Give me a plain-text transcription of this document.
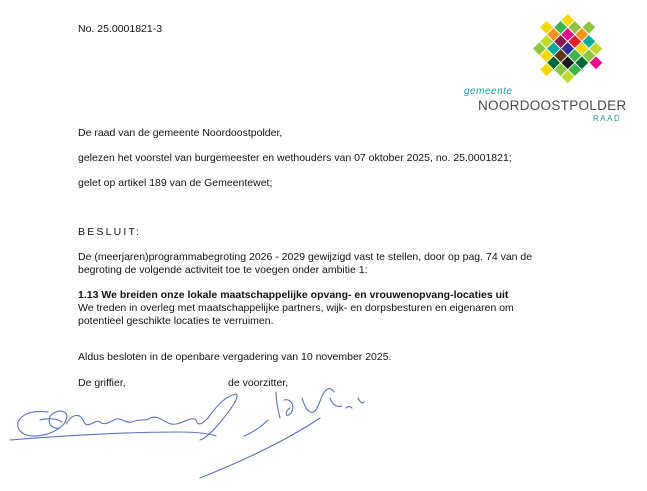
No. 25.0001821-3
gemeente
NOORDOOSTPOLDER
RAAD
De raad van de gemeente Noordoostpolder,
gelezen het voorstel van burgemeester en wethouders van 07 oktober 2025, no. 25.0001821;
gelet op artikel 189 van de Gemeentewet;
BESLUIT:
De (meerjaren)programmabegroting 2026 - 2029 gewijzigd vast te stellen, door op pag. 74 van de
begroting de volgende activiteit toe te voegen onder ambitie 1:
1.13 We breiden onze lokale maatschappelijke opvang- en vrouwenopvang-locaties uit
We treden in overleg met maatschappelijke partners, wijk- en dorpsbesturen en eigenaren om
potentieel geschikte locaties te verruimen.
Aldus besloten in de openbare vergadering van 10 november 2025.
De griffier,	de voorzitter,
